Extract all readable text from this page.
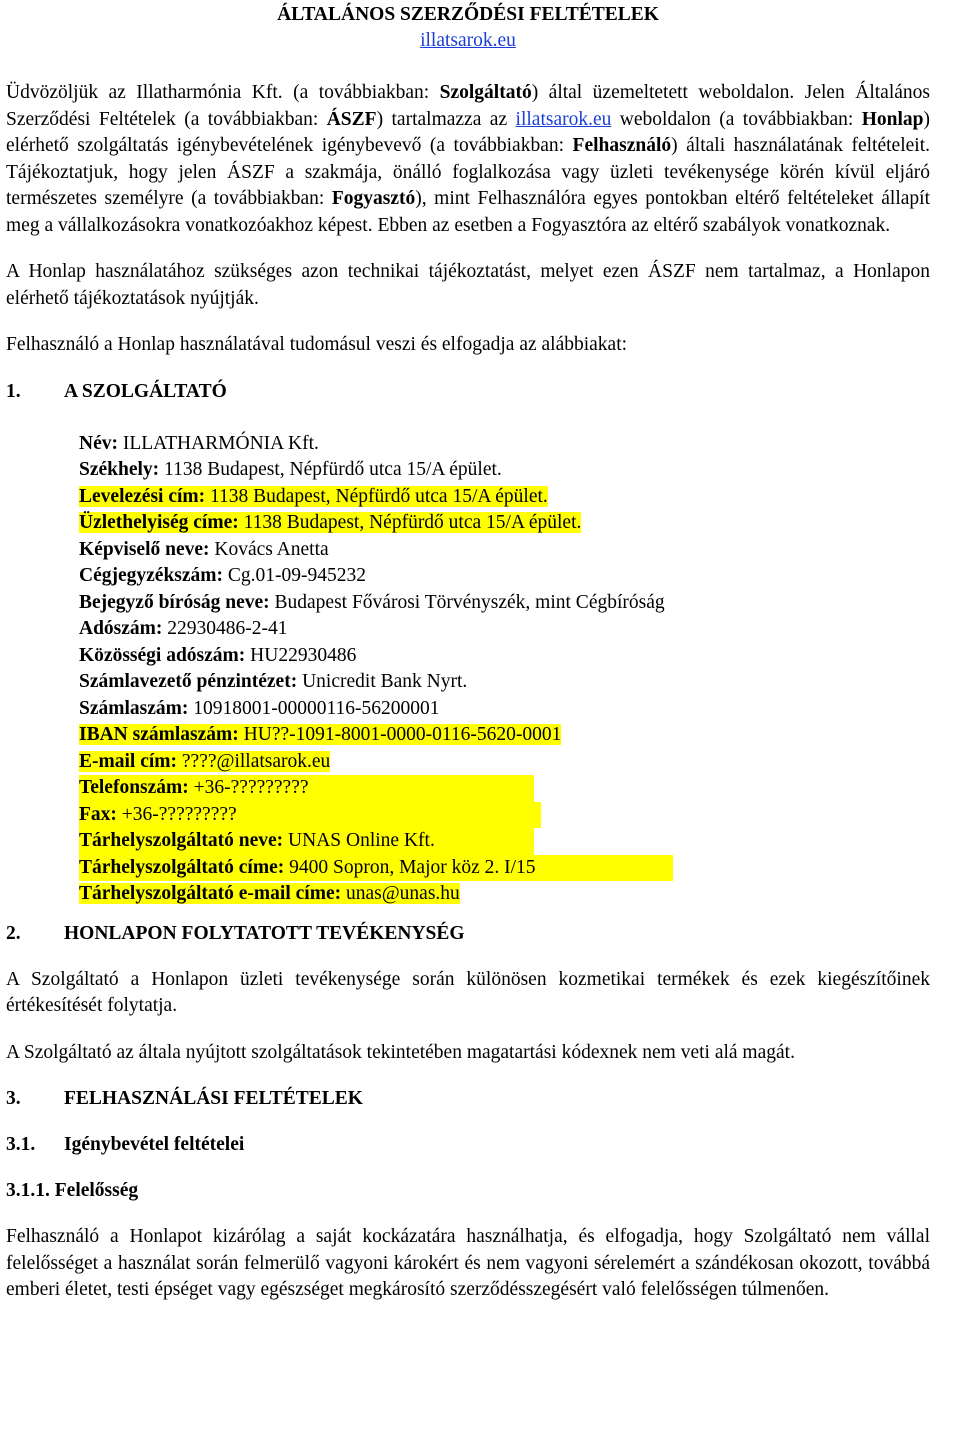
ÁLTALÁNOS SZERZŐDÉSI FELTÉTELEK

illatsarok.eu

Üdvözöljük az Illatharmónia Kft. (a továbbiakban: Szolgáltató) által üzemeltetett weboldalon. Jelen Általános Szerződési Feltételek (a továbbiakban: ÁSZF) tartalmazza az illatsarok.eu weboldalon (a továbbiakban: Honlap) elérhető szolgáltatás igénybevételének igénybevevő (a továbbiakban: Felhasználó) általi használatának feltételeit. Tájékoztatjuk, hogy jelen ÁSZF a szakmája, önálló foglalkozása vagy üzleti tevékenysége körén kívül eljáró természetes személyre (a továbbiakban: Fogyasztó), mint Felhasználóra egyes pontokban eltérő feltételeket állapít meg a vállalkozásokra vonatkozóakhoz képest. Ebben az esetben a Fogyasztóra az eltérő szabályok vonatkoznak.

A Honlap használatához szükséges azon technikai tájékoztatást, melyet ezen ÁSZF nem tartalmaz, a Honlapon elérhető tájékoztatások nyújtják.

Felhasználó a Honlap használatával tudomásul veszi és elfogadja az alábbiakat:

1. A SZOLGÁLTATÓ
Név: ILLATHARMÓNIA Kft.
Székhely: 1138 Budapest, Népfürdő utca 15/A épület.
Levelezési cím: 1138 Budapest, Népfürdő utca 15/A épület.
Üzlethelyiség címe: 1138 Budapest, Népfürdő utca 15/A épület.
Képviselő neve: Kovács Anetta
Cégjegyzékszám: Cg.01-09-945232
Bejegyző bíróság neve: Budapest Fővárosi Törvényszék, mint Cégbíróság
Adószám: 22930486-2-41
Közösségi adószám: HU22930486
Számlavezető pénzintézet: Unicredit Bank Nyrt.
Számlaszám: 10918001-00000116-56200001
IBAN számlaszám: HU??-1091-8001-0000-0116-5620-0001
E-mail cím: ????@illatsarok.eu
Telefonszám: +36-?????????
Fax: +36-?????????
Tárhelyszolgáltató neve: UNAS Online Kft.
Tárhelyszolgáltató címe: 9400 Sopron, Major köz 2. I/15
Tárhelyszolgáltató e-mail címe: unas@unas.hu
2. HONLAPON FOLYTATOTT TEVÉKENYSÉG

A Szolgáltató a Honlapon üzleti tevékenysége során különösen kozmetikai termékek és ezek kiegészítőinek értékesítését folytatja.

A Szolgáltató az általa nyújtott szolgáltatások tekintetében magatartási kódexnek nem veti alá magát.

3. FELHASZNÁLÁSI FELTÉTELEK
3.1. Igénybevétel feltételei
3.1.1. Felelősség

Felhasználó a Honlapot kizárólag a saját kockázatára használhatja, és elfogadja, hogy Szolgáltató nem vállal felelősséget a használat során felmerülő vagyoni károkért és nem vagyoni sérelemért a szándékosan okozott, továbbá emberi életet, testi épséget vagy egészséget megkárosító szerződésszegésért való felelősségen túlmenően.
